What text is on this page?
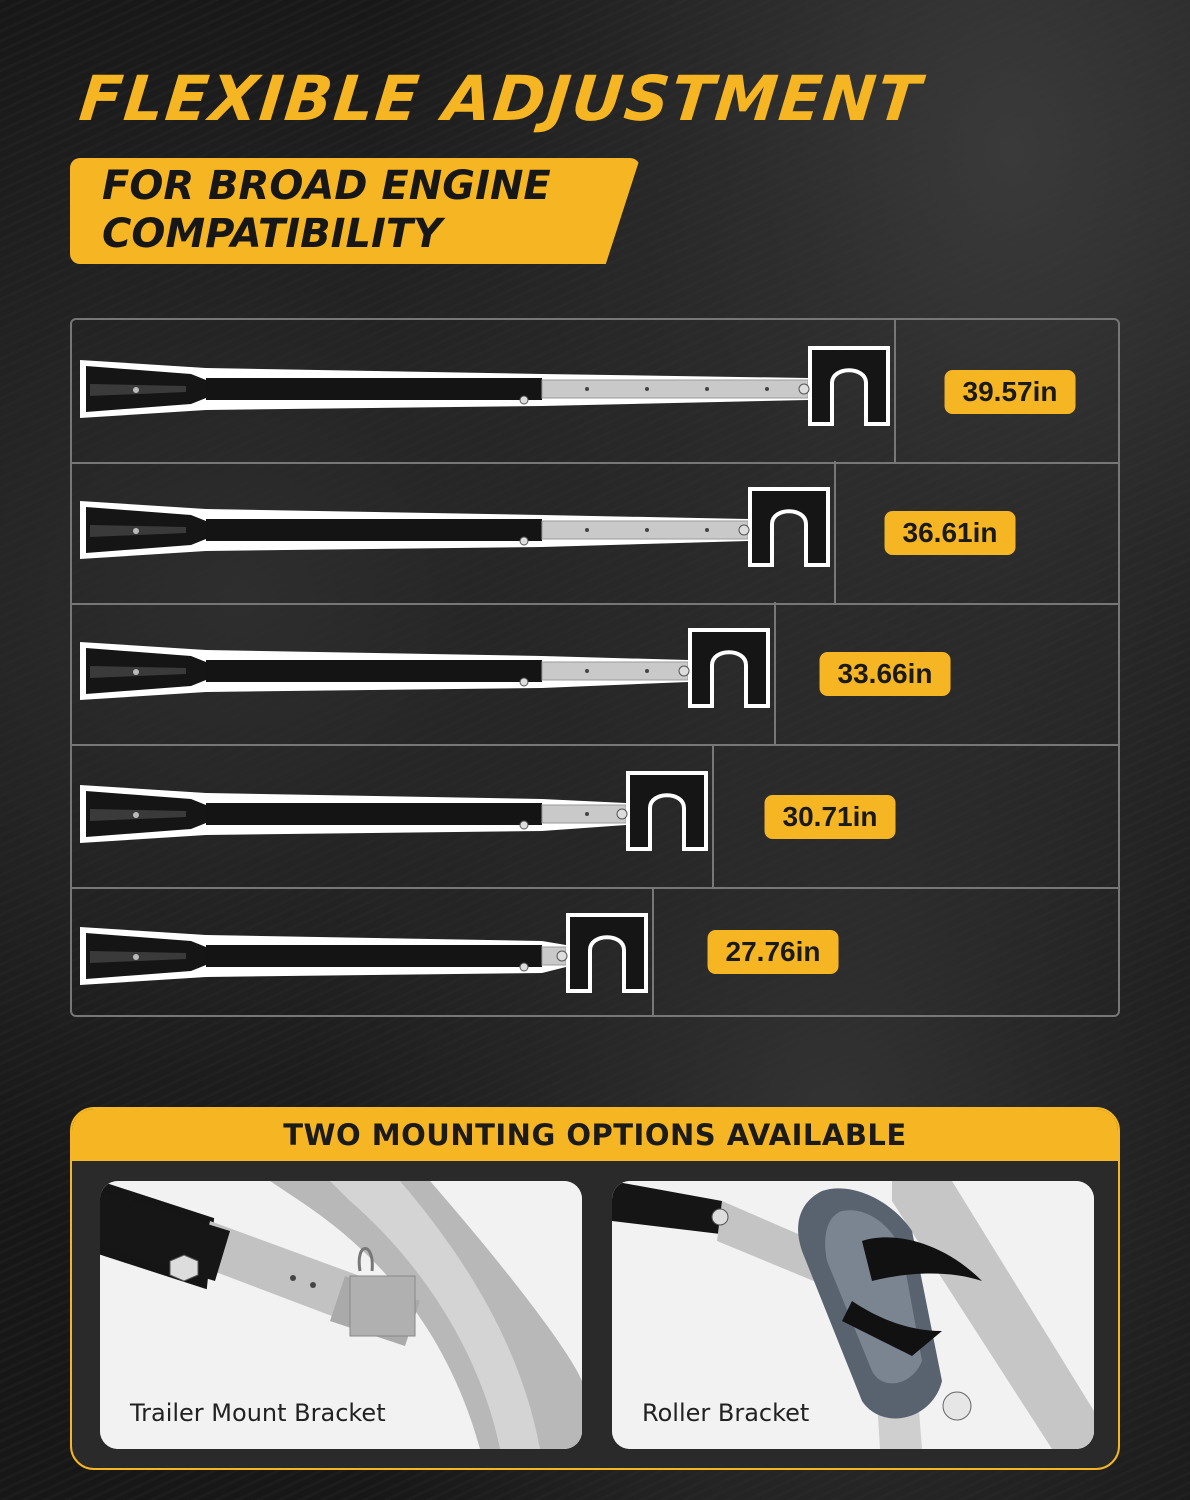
FLEXIBLE ADJUSTMENT
FOR BROAD ENGINE
COMPATIBILITY
39.57in
36.61in
33.66in
30.71in
27.76in
TWO MOUNTING OPTIONS AVAILABLE
Trailer Mount Bracket	Roller Bracket
